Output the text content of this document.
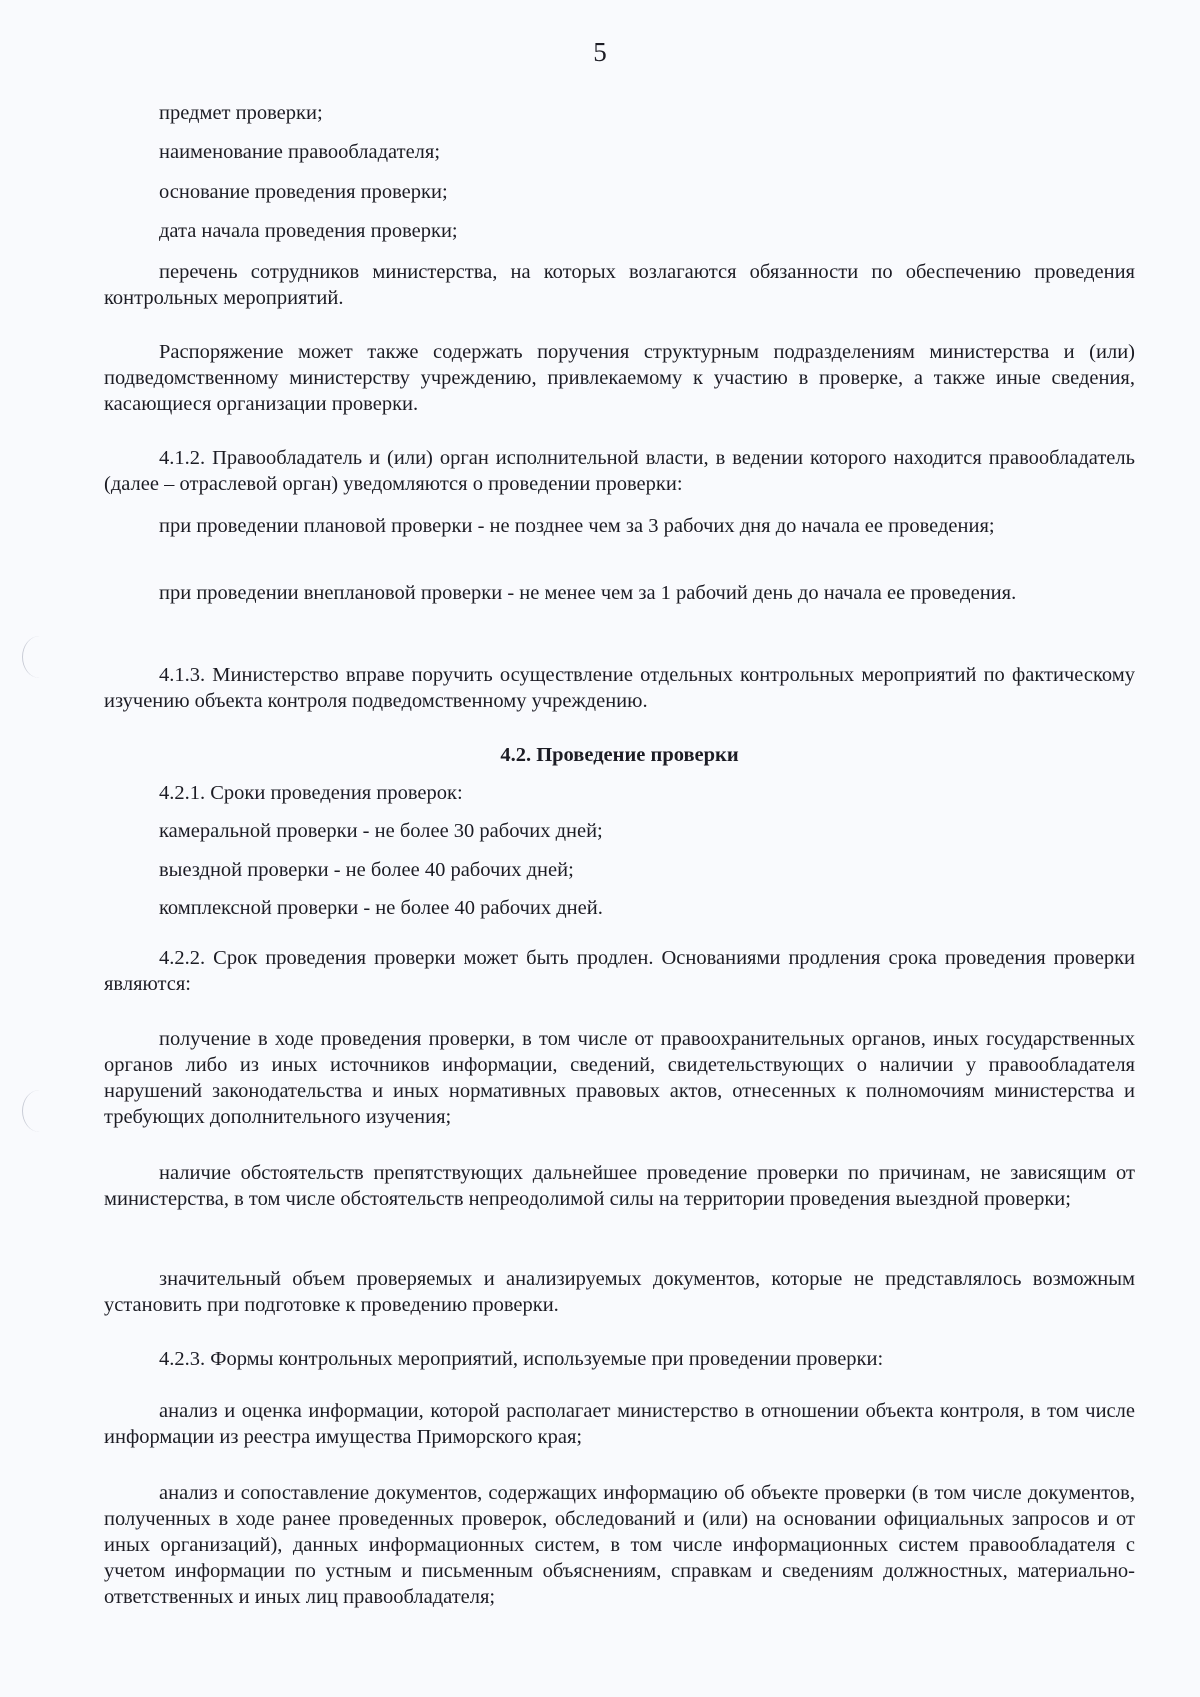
5

предмет проверки;

наименование правообладателя;

основание проведения проверки;

дата начала проведения проверки;

перечень сотрудников министерства, на которых возлагаются обязанности по обеспечению проведения контрольных мероприятий.

Распоряжение может также содержать поручения структурным подразделениям министерства и (или) подведомственному министерству учреждению, привлекаемому к участию в проверке, а также иные сведения, касающиеся организации проверки.

4.1.2. Правообладатель и (или) орган исполнительной власти, в ведении которого находится правообладатель (далее – отраслевой орган) уведомляются о проведении проверки:

при проведении плановой проверки - не позднее чем за 3 рабочих дня до начала ее проведения;

при проведении внеплановой проверки - не менее чем за 1 рабочий день до начала ее проведения.

4.1.3. Министерство вправе поручить осуществление отдельных контрольных мероприятий по фактическому изучению объекта контроля подведомственному учреждению.

4.2. Проведение проверки

4.2.1. Сроки проведения проверок:

камеральной проверки - не более 30 рабочих дней;

выездной проверки - не более 40 рабочих дней;

комплексной проверки - не более 40 рабочих дней.

4.2.2. Срок проведения проверки может быть продлен. Основаниями продления срока проведения проверки являются:

получение в ходе проведения проверки, в том числе от правоохранительных органов, иных государственных органов либо из иных источников информации, сведений, свидетельствующих о наличии у правообладателя нарушений законодательства и иных нормативных правовых актов, отнесенных к полномочиям министерства и требующих дополнительного изучения;

наличие обстоятельств препятствующих дальнейшее проведение проверки по причинам, не зависящим от министерства, в том числе обстоятельств непреодолимой силы на территории проведения выездной проверки;

значительный объем проверяемых и анализируемых документов, которые не представлялось возможным установить при подготовке к проведению проверки.

4.2.3. Формы контрольных мероприятий, используемые при проведении проверки:

анализ и оценка информации, которой располагает министерство в отношении объекта контроля, в том числе информации из реестра имущества Приморского края;

анализ и сопоставление документов, содержащих информацию об объекте проверки (в том числе документов, полученных в ходе ранее проведенных проверок, обследований и (или) на основании официальных запросов и от иных организаций), данных информационных систем, в том числе информационных систем правообладателя с учетом информации по устным и письменным объяснениям, справкам и сведениям должностных, материально- ответственных и иных лиц правообладателя;
